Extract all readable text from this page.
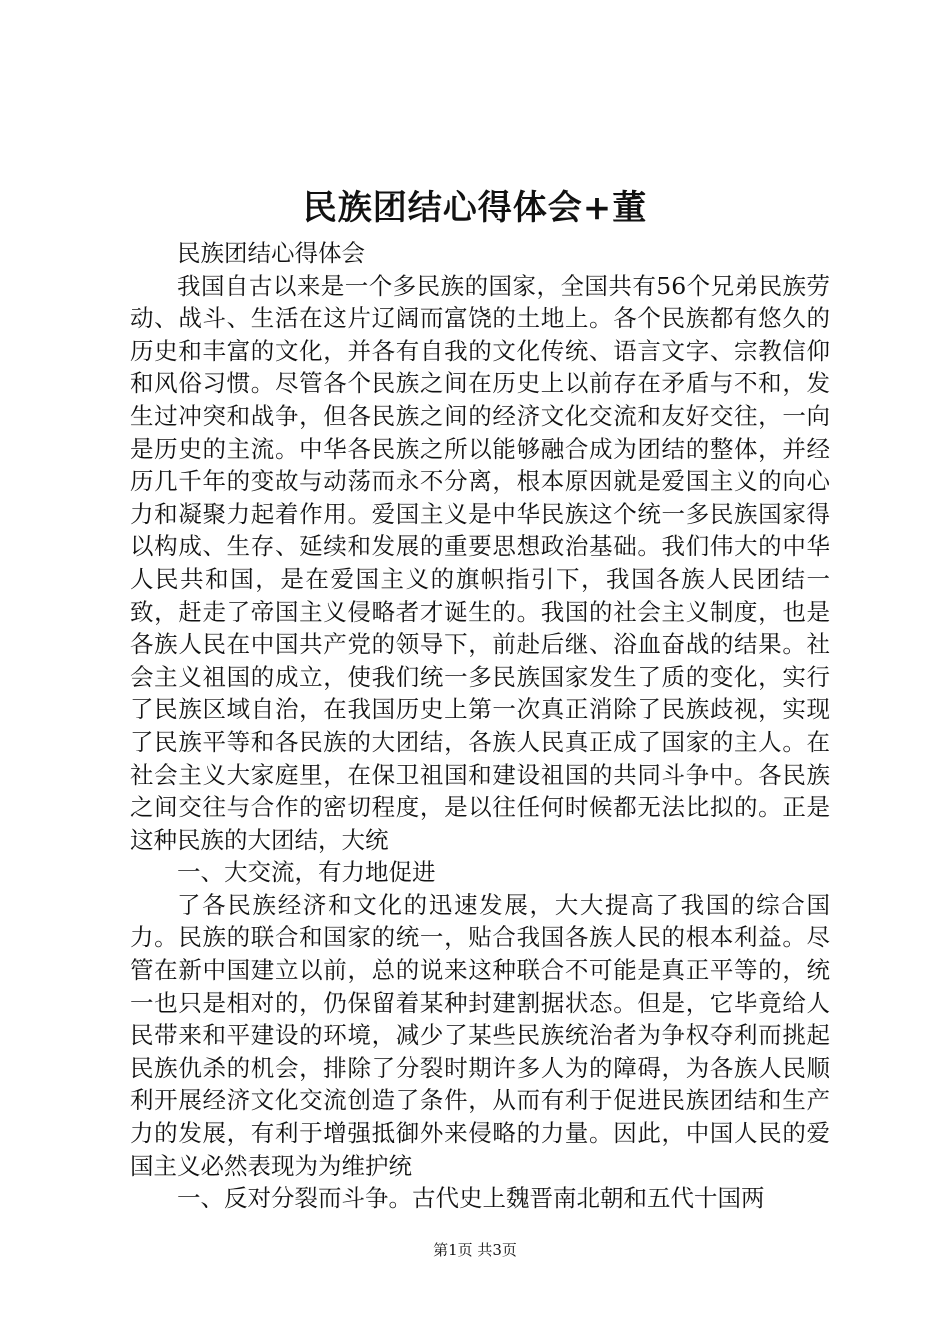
民族团结心得体会+董

民族团结心得体会

我国自古以来是一个多民族的国家，全国共有56个兄弟民族劳动、战斗、生活在这片辽阔而富饶的土地上。各个民族都有悠久的历史和丰富的文化，并各有自我的文化传统、语言文字、宗教信仰和风俗习惯。尽管各个民族之间在历史上以前存在矛盾与不和，发生过冲突和战争，但各民族之间的经济文化交流和友好交往，一向是历史的主流。中华各民族之所以能够融合成为团结的整体，并经历几千年的变故与动荡而永不分离，根本原因就是爱国主义的向心力和凝聚力起着作用。爱国主义是中华民族这个统一多民族国家得以构成、生存、延续和发展的重要思想政治基础。我们伟大的中华人民共和国，是在爱国主义的旗帜指引下，我国各族人民团结一致，赶走了帝国主义侵略者才诞生的。我国的社会主义制度，也是各族人民在中国共产党的领导下，前赴后继、浴血奋战的结果。社会主义祖国的成立，使我们统一多民族国家发生了质的变化，实行了民族区域自治，在我国历史上第一次真正消除了民族歧视，实现了民族平等和各民族的大团结，各族人民真正成了国家的主人。在社会主义大家庭里，在保卫祖国和建设祖国的共同斗争中。各民族之间交往与合作的密切程度，是以往任何时候都无法比拟的。正是这种民族的大团结，大统

一、大交流，有力地促进

了各民族经济和文化的迅速发展，大大提高了我国的综合国力。民族的联合和国家的统一，贴合我国各族人民的根本利益。尽管在新中国建立以前，总的说来这种联合不可能是真正平等的，统一也只是相对的，仍保留着某种封建割据状态。但是，它毕竟给人民带来和平建设的环境，减少了某些民族统治者为争权夺利而挑起民族仇杀的机会，排除了分裂时期许多人为的障碍，为各族人民顺利开展经济文化交流创造了条件，从而有利于促进民族团结和生产力的发展，有利于增强抵御外来侵略的力量。因此，中国人民的爱国主义必然表现为为维护统

一、反对分裂而斗争。古代史上魏晋南北朝和五代十国两

第1页 共3页
